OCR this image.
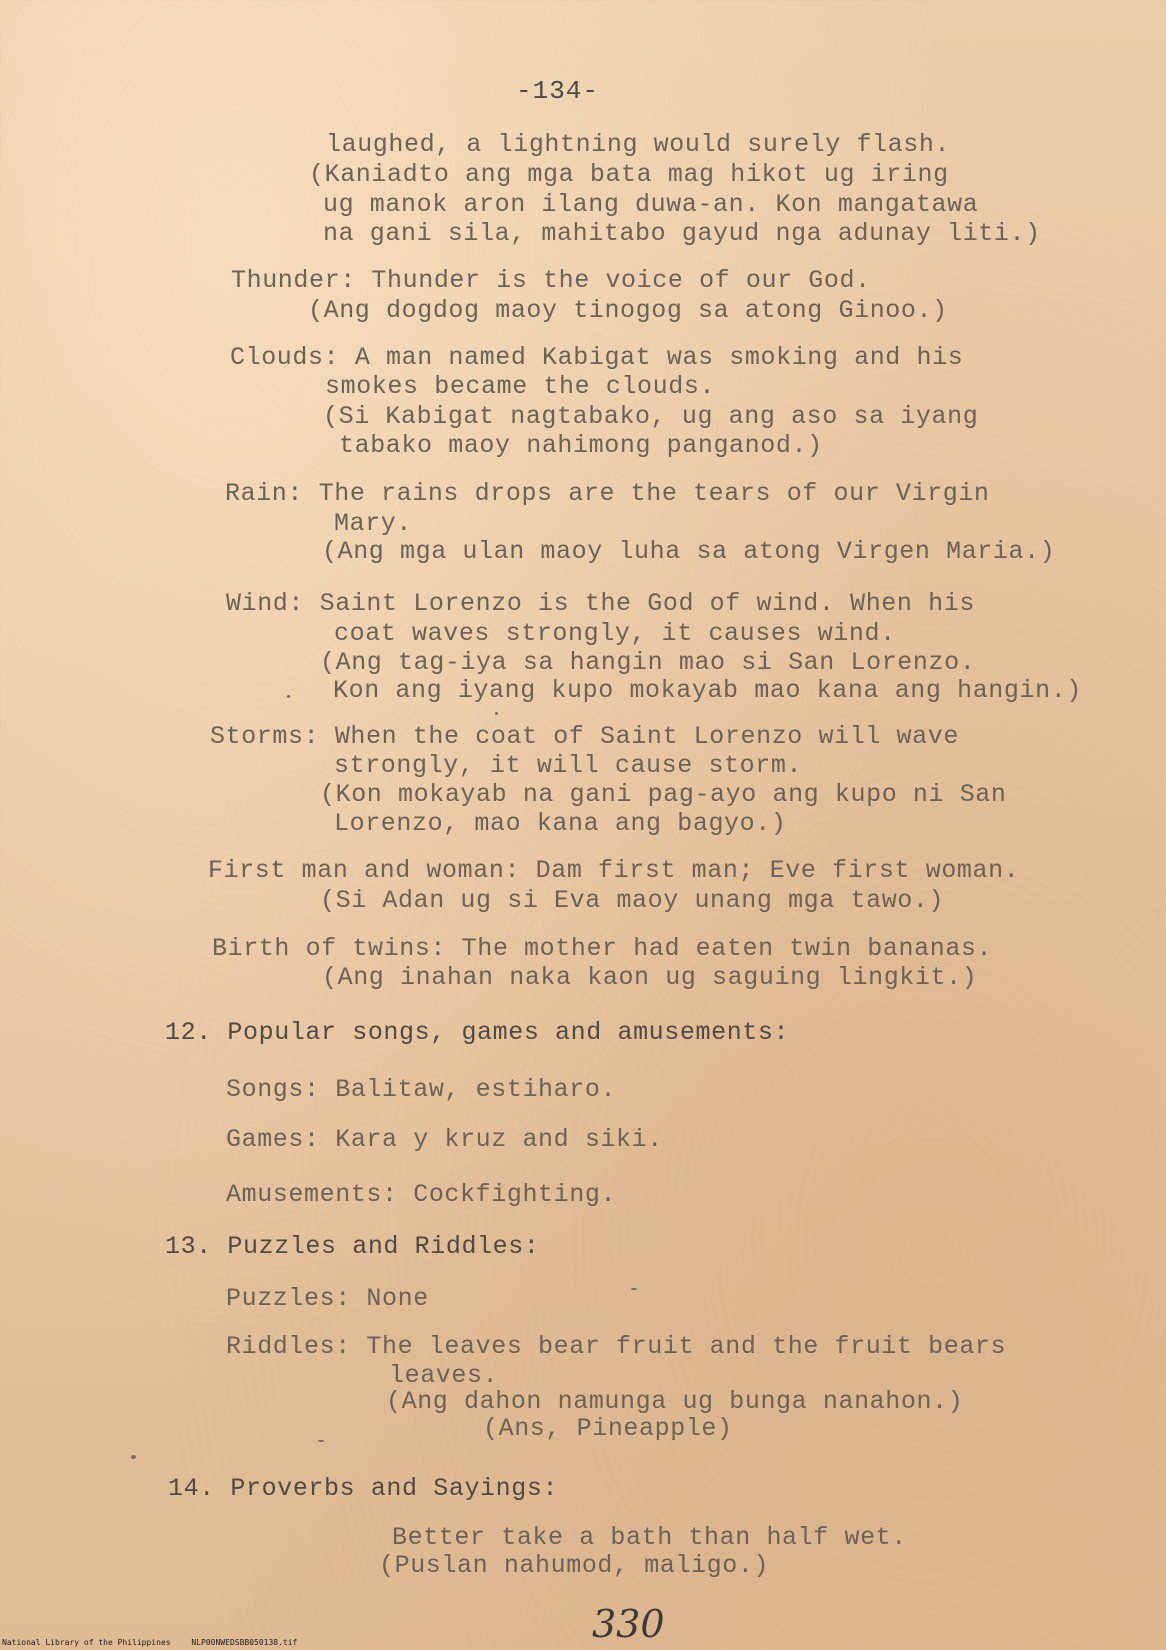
-134-
laughed, a lightning would surely flash.
(Kaniadto ang mga bata mag hikot ug iring
ug manok aron ilang duwa-an. Kon mangatawa
na gani sila, mahitabo gayud nga adunay liti.)
Thunder: Thunder is the voice of our God.
(Ang dogdog maoy tinogog sa atong Ginoo.)
Clouds: A man named Kabigat was smoking and his
smokes became the clouds.
(Si Kabigat nagtabako, ug ang aso sa iyang
tabako maoy nahimong panganod.)
Rain: The rains drops are the tears of our Virgin
Mary.
(Ang mga ulan maoy luha sa atong Virgen Maria.)
Wind: Saint Lorenzo is the God of wind. When his
coat waves strongly, it causes wind.
(Ang tag-iya sa hangin mao si San Lorenzo.
Kon ang iyang kupo mokayab mao kana ang hangin.)
Storms: When the coat of Saint Lorenzo will wave
strongly, it will cause storm.
(Kon mokayab na gani pag-ayo ang kupo ni San
Lorenzo, mao kana ang bagyo.)
First man and woman: Dam first man; Eve first woman.
(Si Adan ug si Eva maoy unang mga tawo.)
Birth of twins: The mother had eaten twin bananas.
(Ang inahan naka kaon ug saguing lingkit.)
12. Popular songs, games and amusements:
Songs: Balitaw, estiharo.
Games: Kara y kruz and siki.
Amusements: Cockfighting.
13. Puzzles and Riddles:
Puzzles: None
Riddles: The leaves bear fruit and the fruit bears
leaves.
(Ang dahon namunga ug bunga nanahon.)
(Ans, Pineapple)
14. Proverbs and Sayings:
Better take a bath than half wet.
(Puslan nahumod, maligo.)
330
National Library of the Philippines	NLP00NWEDSBB050138.tif
